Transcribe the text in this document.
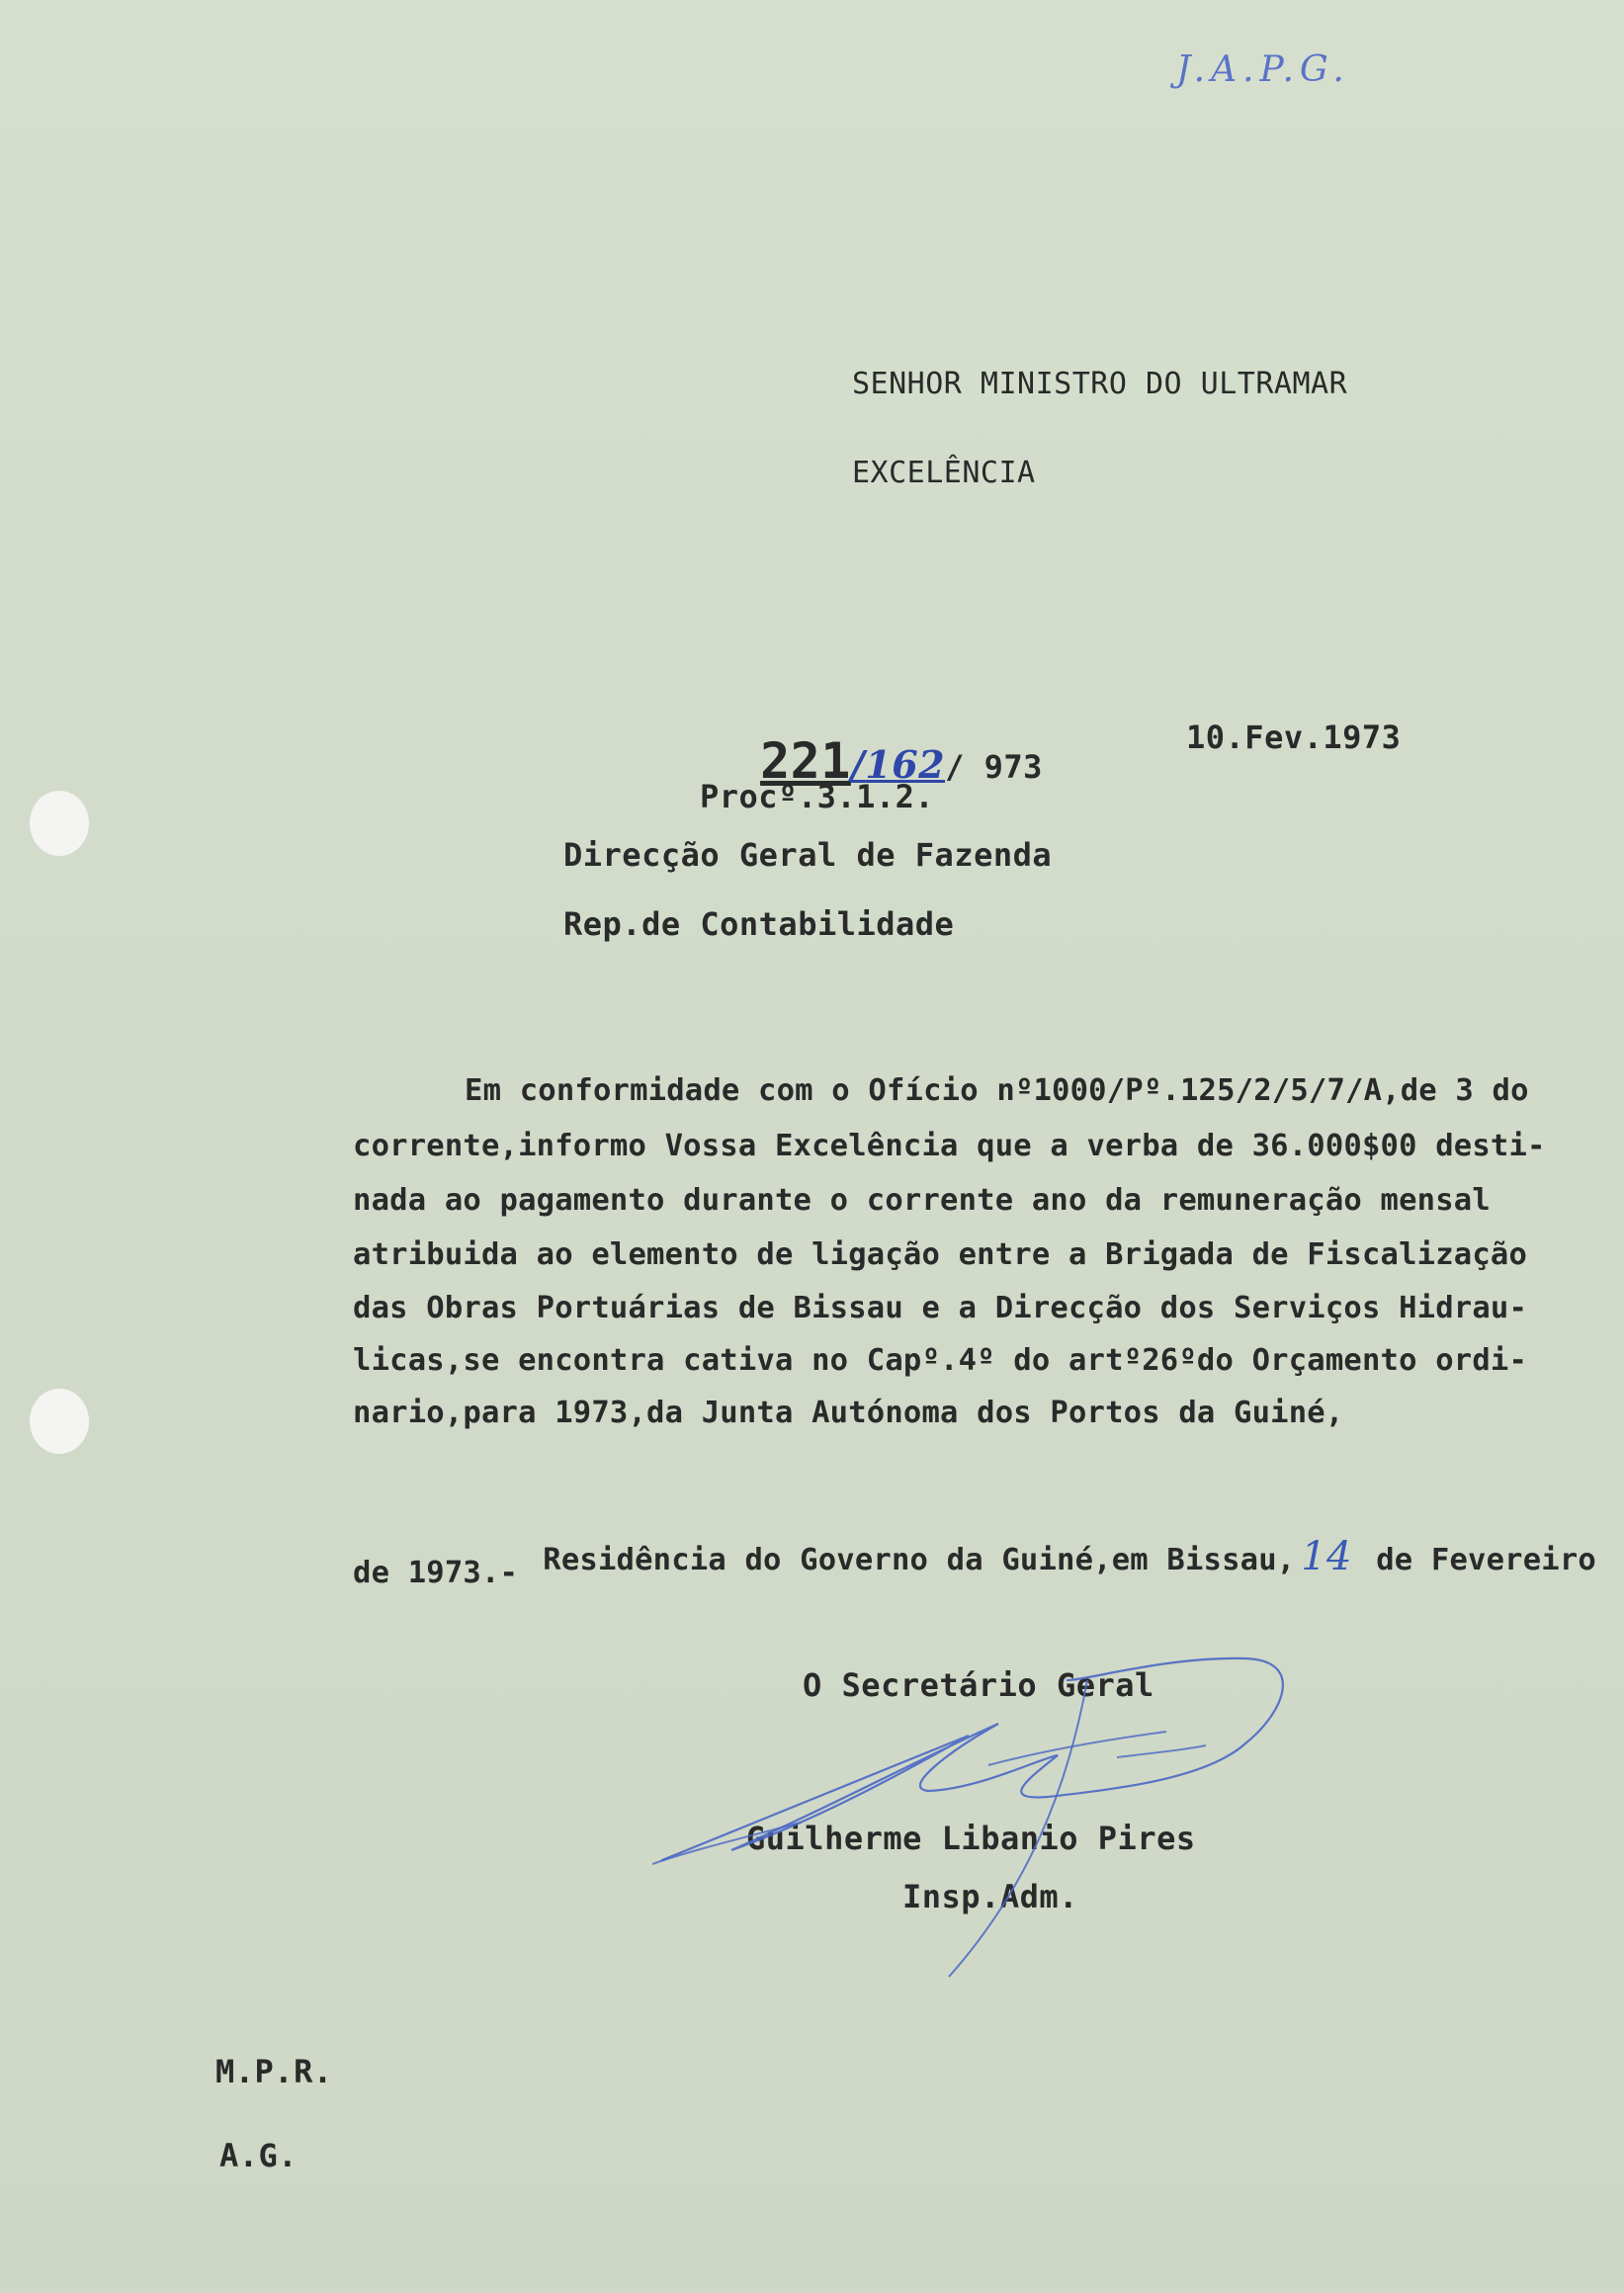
J.A.P.G.
SENHOR MINISTRO DO ULTRAMAR
EXCELÊNCIA

221/162/ 973

10.Fev.1973
Procº.3.1.2.
Direcção Geral de Fazenda
Rep.de Contabilidade
Em conformidade com o Ofício nº1000/Pº.125/2/5/7/A,de 3 do
corrente,informo Vossa Excelência que a verba de 36.000$00 desti-
nada ao pagamento durante o corrente ano da remuneração mensal
atribuida ao elemento de ligação entre a Brigada de Fiscalização
das Obras Portuárias de Bissau e a Direcção dos Serviços Hidrau-
licas,se encontra cativa no Capº.4º do artº26ºdo Orçamento ordi-
nario,para 1973,da Junta Autónoma dos Portos da Guiné,

Residência do Governo da Guiné,em Bissau, 14 de Fevereiro

de 1973.-
O Secretário Geral
Guilherme Libanio Pires
Insp.Adm.
M.P.R.
A.G.
